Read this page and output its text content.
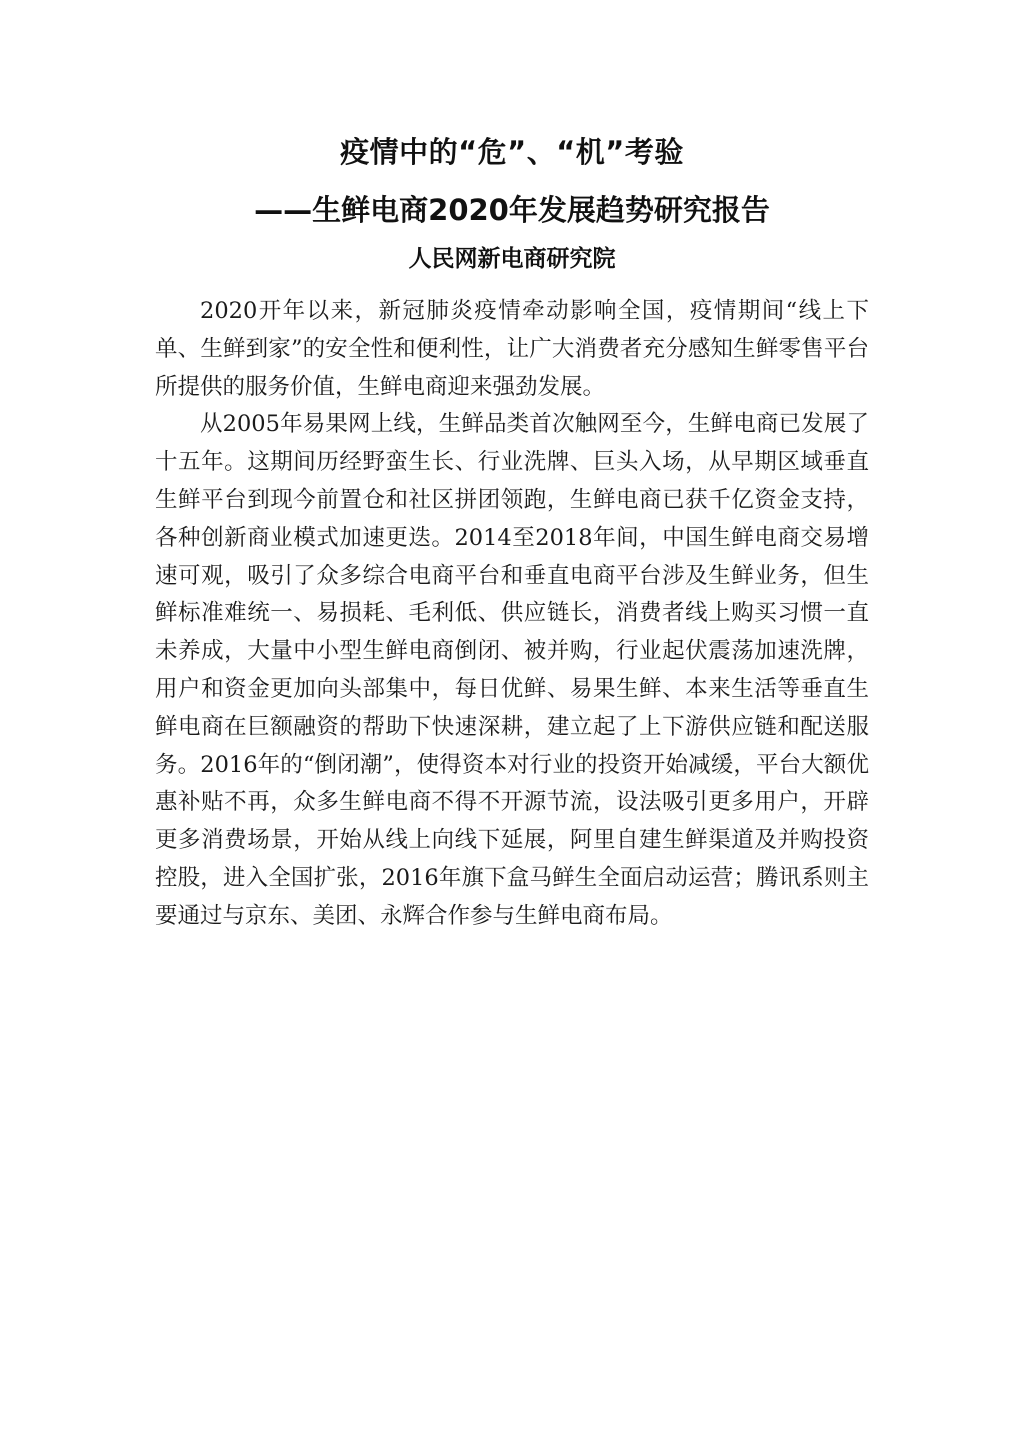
疫情中的“危”、“机”考验
——生鲜电商2020年发展趋势研究报告
人民网新电商研究院

2020开年以来，新冠肺炎疫情牵动影响全国，疫情期间“线上下单、生鲜到家”的安全性和便利性，让广大消费者充分感知生鲜零售平台所提供的服务价值，生鲜电商迎来强劲发展。

从2005年易果网上线，生鲜品类首次触网至今，生鲜电商已发展了十五年。这期间历经野蛮生长、行业洗牌、巨头入场，从早期区域垂直生鲜平台到现今前置仓和社区拼团领跑，生鲜电商已获千亿资金支持，各种创新商业模式加速更迭。2014至2018年间，中国生鲜电商交易增速可观，吸引了众多综合电商平台和垂直电商平台涉及生鲜业务，但生鲜标准难统一、易损耗、毛利低、供应链长，消费者线上购买习惯一直未养成，大量中小型生鲜电商倒闭、被并购，行业起伏震荡加速洗牌，用户和资金更加向头部集中，每日优鲜、易果生鲜、本来生活等垂直生鲜电商在巨额融资的帮助下快速深耕，建立起了上下游供应链和配送服务。2016年的“倒闭潮”，使得资本对行业的投资开始减缓，平台大额优惠补贴不再，众多生鲜电商不得不开源节流，设法吸引更多用户，开辟更多消费场景，开始从线上向线下延展，阿里自建生鲜渠道及并购投资控股，进入全国扩张，2016年旗下盒马鲜生全面启动运营；腾讯系则主要通过与京东、美团、永辉合作参与生鲜电商布局。
